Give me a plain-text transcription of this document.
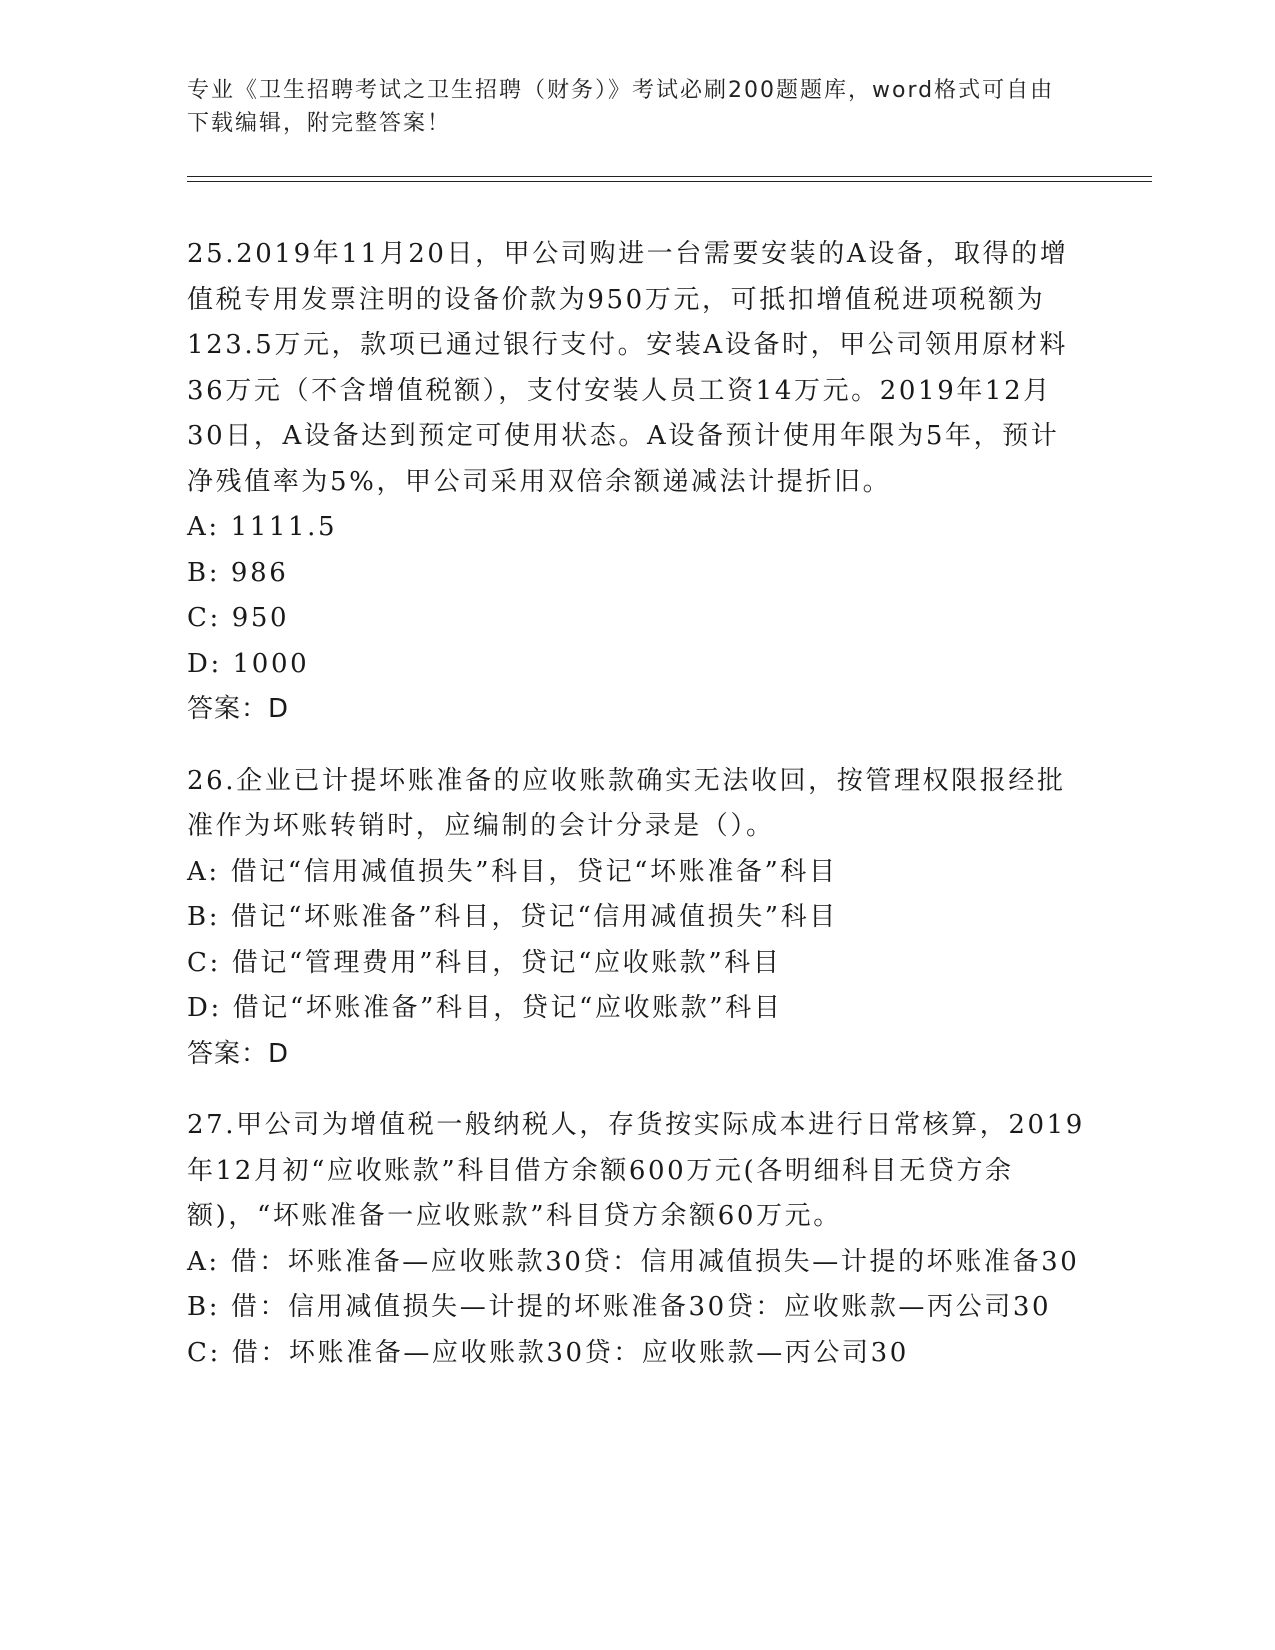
专业《卫生招聘考试之卫生招聘（财务）》考试必刷200题题库，word格式可自由下载编辑，附完整答案！

25.2019年11月20日，甲公司购进一台需要安装的A设备，取得的增值税专用发票注明的设备价款为950万元，可抵扣增值税进项税额为123.5万元，款项已通过银行支付。安装A设备时，甲公司领用原材料36万元（不含增值税额），支付安装人员工资14万元。2019年12月30日，A设备达到预定可使用状态。A设备预计使用年限为5年，预计净残值率为5%，甲公司采用双倍余额递减法计提折旧。

A: 1111.5

B: 986

C: 950

D: 1000

答案：D

26.企业已计提坏账准备的应收账款确实无法收回，按管理权限报经批准作为坏账转销时，应编制的会计分录是（）。

A: 借记“信用减值损失”科目，贷记“坏账准备”科目

B: 借记“坏账准备”科目，贷记“信用减值损失”科目

C: 借记“管理费用”科目，贷记“应收账款”科目

D: 借记“坏账准备”科目，贷记“应收账款”科目

答案：D

27.甲公司为增值税一般纳税人，存货按实际成本进行日常核算，2019年12月初“应收账款”科目借方余额600万元(各明细科目无贷方余额)，“坏账准备一应收账款”科目贷方余额60万元。

A: 借：坏账准备—应收账款30贷：信用减值损失—计提的坏账准备30

B: 借：信用减值损失—计提的坏账准备30贷：应收账款—丙公司30

C: 借：坏账准备—应收账款30贷：应收账款—丙公司30
